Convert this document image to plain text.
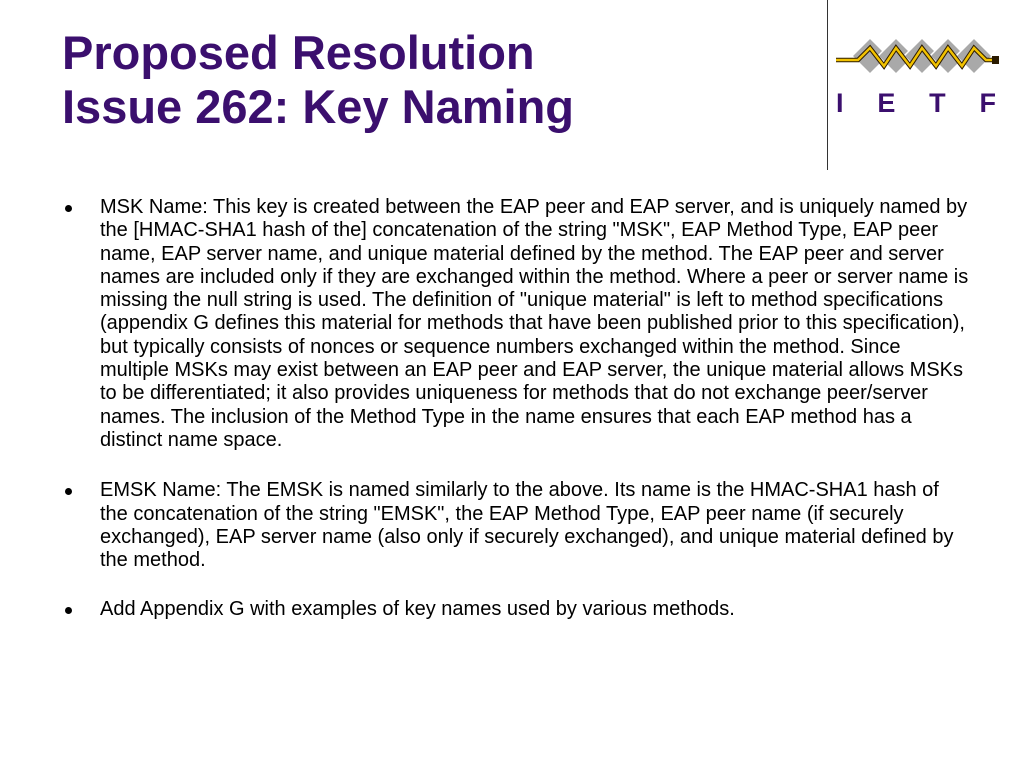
Proposed Resolution
Issue 262: Key Naming	I E T F
MSK Name: This key is created between the EAP peer and EAP server, and is uniquely named by the [HMAC-SHA1 hash of the] concatenation of the string "MSK", EAP Method Type, EAP peer name, EAP server name, and unique material defined by the method. The EAP peer and server names are included only if they are exchanged within the method. Where a peer or server name is missing the null string is used. The definition of "unique material" is left to method specifications (appendix G defines this material for methods that have been published prior to this specification), but typically consists of nonces or sequence numbers exchanged within the method. Since multiple MSKs may exist between an EAP peer and EAP server, the unique material allows MSKs to be differentiated; it also provides uniqueness for methods that do not exchange peer/server names. The inclusion of the Method Type in the name ensures that each EAP method has a distinct name space.
EMSK Name: The EMSK is named similarly to the above. Its name is the HMAC-SHA1 hash of the concatenation of the string "EMSK", the EAP Method Type, EAP peer name (if securely exchanged), EAP server name (also only if securely exchanged), and unique material defined by the method.
Add Appendix G with examples of key names used by various methods.
